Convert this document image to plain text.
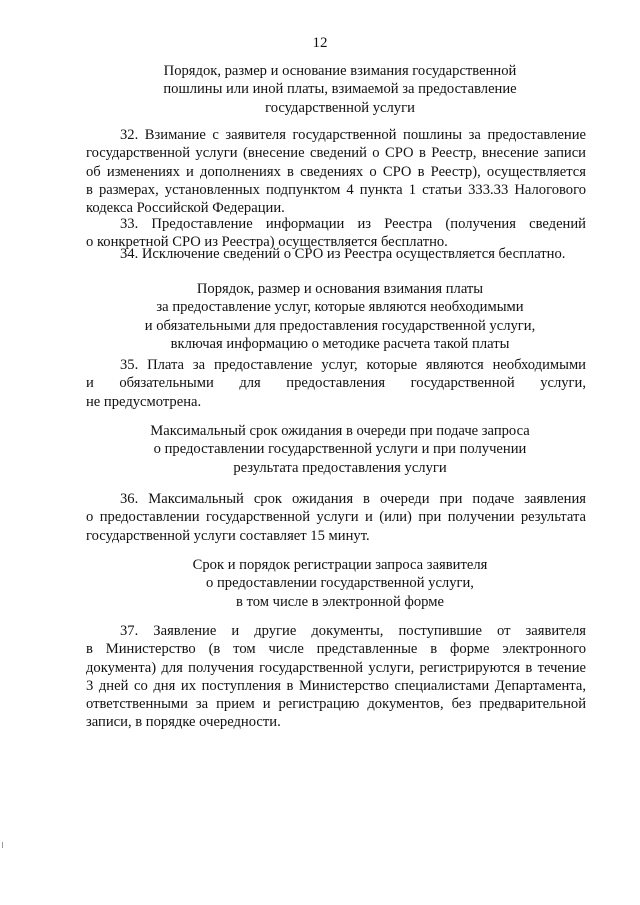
12
Порядок, размер и основание взимания государственной
пошлины или иной платы, взимаемой за предоставление
государственной услуги
32. Взимание с заявителя государственной пошлины за предоставление
государственной услуги (внесение сведений о СРО в Реестр, внесение записи
об изменениях и дополнениях в сведениях о СРО в Реестр), осуществляется
в размерах, установленных подпунктом 4 пункта 1 статьи 333.33 Налогового
кодекса Российской Федерации.
33. Предоставление информации из Реестра (получения сведений
о конкретной СРО из Реестра) осуществляется бесплатно.
34. Исключение сведений о СРО из Реестра осуществляется бесплатно.
Порядок, размер и основания взимания платы
за предоставление услуг, которые являются необходимыми
и обязательными для предоставления государственной услуги,
включая информацию о методике расчета такой платы
35. Плата за предоставление услуг, которые являются необходимыми
и обязательными для предоставления государственной услуги,
не предусмотрена.
Максимальный срок ожидания в очереди при подаче запроса
о предоставлении государственной услуги и при получении
результата предоставления услуги
36. Максимальный срок ожидания в очереди при подаче заявления
о предоставлении государственной услуги и (или) при получении результата
государственной услуги составляет 15 минут.
Срок и порядок регистрации запроса заявителя
о предоставлении государственной услуги,
в том числе в электронной форме
37. Заявление и другие документы, поступившие от заявителя
в Министерство (в том числе представленные в форме электронного
документа) для получения государственной услуги, регистрируются в течение
3 дней со дня их поступления в Министерство специалистами Департамента,
ответственными за прием и регистрацию документов, без предварительной
записи, в порядке очередности.
